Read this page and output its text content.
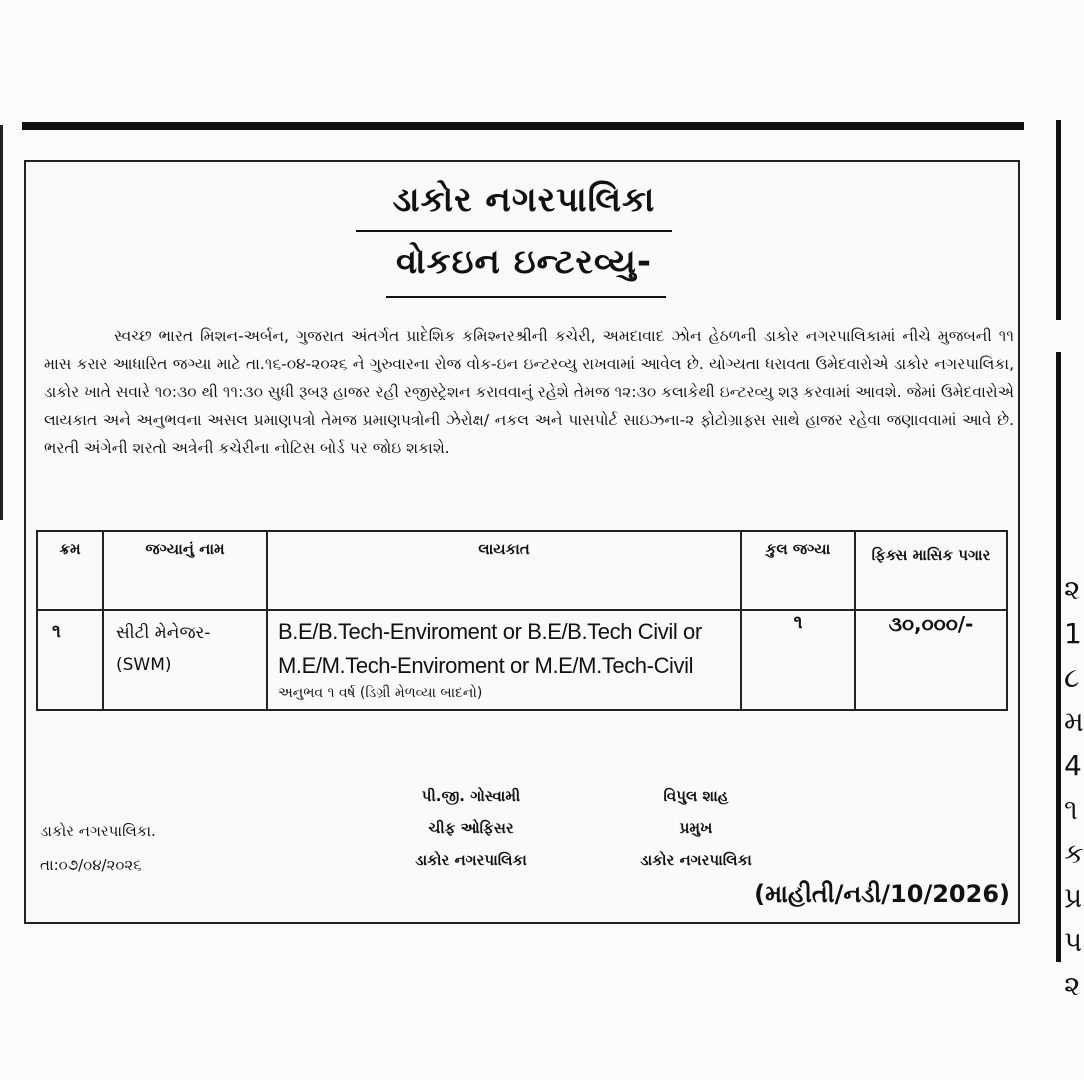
૨
1
૮
મ
4
૧
ક
પ્ર
પ
૨
ડાકોર નગરપાલિકા
વોકઇન ઇન્ટરવ્યુ-

સ્વચ્છ ભારત મિશન-અર્બન, ગુજરાત અંતર્ગત પ્રાદેશિક કમિશ્નરશ્રીની કચેરી, અમદાવાદ ઝોન હેઠળની ડાકોર નગરપાલિકામાં નીચે મુજબની ૧૧ માસ કરાર આધારિત જગ્યા માટે તા.૧૬-૦૪-૨૦૨૬ ને ગુરુવારના રોજ વોક-ઇન ઇન્ટરવ્યુ રાખવામાં આવેલ છે. યોગ્યતા ધરાવતા ઉમેદવારોએ ડાકોર નગરપાલિકા, ડાકોર ખાતે સવારે ૧૦:૩૦ થી ૧૧:૩૦ સુધી રૂબરૂ હાજર રહી રજીસ્ટ્રેશન કરાવવાનું રહેશે તેમજ ૧૨:૩૦ કલાકેથી ઇન્ટરવ્યુ શરૂ કરવામાં આવશે. જેમાં ઉમેદવારોએ લાયકાત અને અનુભવના અસલ પ્રમાણપત્રો તેમજ પ્રમાણપત્રોની ઝેરોક્ષ/ નકલ અને પાસપોર્ટ સાઇઝના-૨ ફોટોગ્રાફ્સ સાથે હાજર રહેવા જણાવવામાં આવે છે. ભરતી અંગેની શરતો અત્રેની કચેરીના નોટિસ બોર્ડ પર જોઇ શકાશે.

ક્રમ	જગ્યાનું નામ	લાયકાત	કુલ જગ્યા	ફિક્સ માસિક પગાર
૧	સીટી મેનેજર-(SWM)	B.E/B.Tech-Enviroment or B.E/B.Tech Civil or
M.E/M.Tech-Enviroment or M.E/M.Tech-Civil
અનુભવ ૧ વર્ષ (ડિગ્રી મેળવ્યા બાદનો)	૧	૩૦,૦૦૦/-
પી.જી. ગોસ્વામી
ચીફ ઓફિસર
ડાકોર નગરપાલિકા
વિપુલ શાહ
પ્રમુખ
ડાકોર નગરપાલિકા
ડાકોર નગરપાલિકા.
તા:૦૭/૦૪/૨૦૨૬
(માહીતી/નડી/10/2026)
